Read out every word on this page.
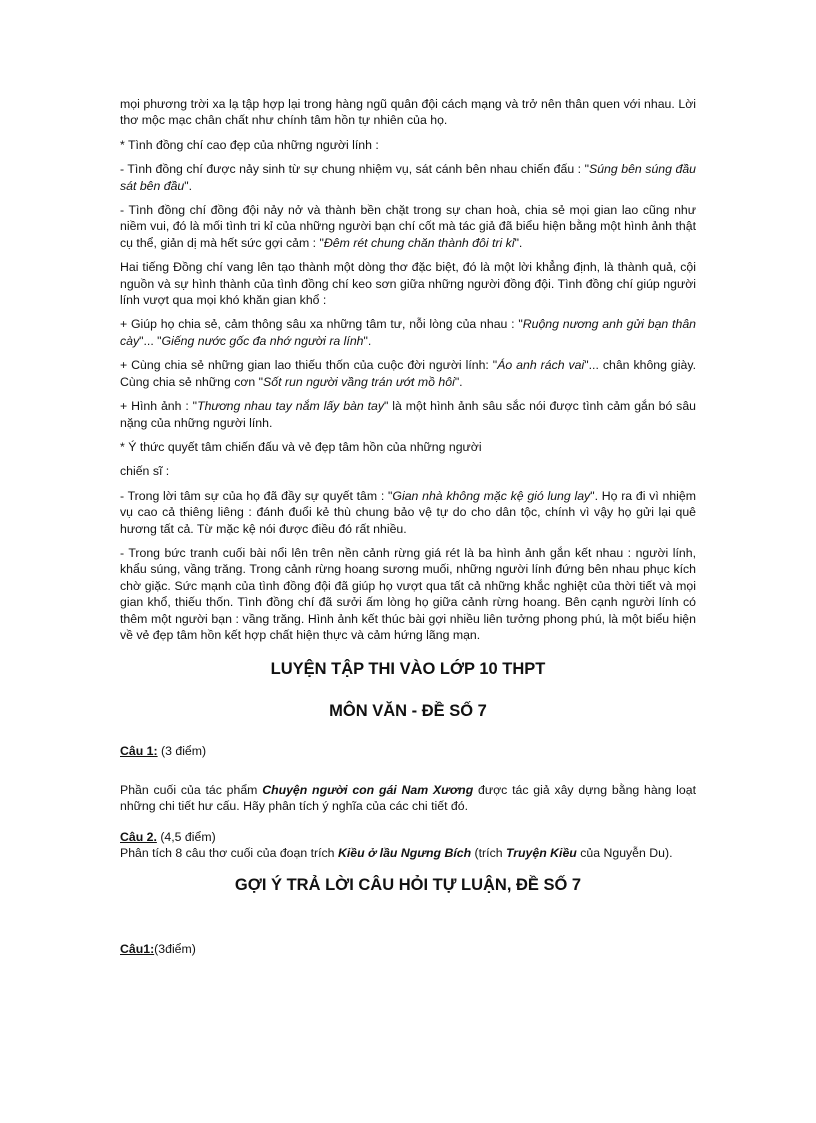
mọi phương trời xa lạ tập hợp lại trong hàng ngũ quân đội cách mạng và trở nên thân quen với nhau. Lời thơ mộc mạc chân chất như chính tâm hồn tự nhiên của họ.

* Tình đồng chí cao đẹp của những người lính :

- Tình đồng chí được nảy sinh từ sự chung nhiệm vụ, sát cánh bên nhau chiến đấu : "Súng bên súng đầu sát bên đầu".

- Tình đồng chí đồng đội nảy nở và thành bền chặt trong sự chan hoà, chia sẻ mọi gian lao cũng như niềm vui, đó là mối tình tri kỉ của những người bạn chí cốt mà tác giả đã biểu hiện bằng một hình ảnh thật cụ thể, giản dị mà hết sức gợi cảm : "Đêm rét chung chăn thành đôi tri kỉ".

Hai tiếng Đồng chí vang lên tạo thành một dòng thơ đặc biệt, đó là một lời khẳng định, là thành quả, cội nguồn và sự hình thành của tình đồng chí keo sơn giữa những người đồng đội. Tình đồng chí giúp người lính vượt qua mọi khó khăn gian khổ :

+ Giúp họ chia sẻ, cảm thông sâu xa những tâm tư, nỗi lòng của nhau : "Ruộng nương anh gửi bạn thân cày"... "Giếng nước gốc đa nhớ người ra lính".

+ Cùng chia sẻ những gian lao thiếu thốn của cuộc đời người lính: "Áo anh rách vai"... chân không giày. Cùng chia sẻ những cơn "Sốt run người vầng trán ướt mồ hôi".

+ Hình ảnh : "Thương nhau tay nắm lấy bàn tay" là một hình ảnh sâu sắc nói được tình cảm gắn bó sâu nặng của những người lính.

* Ý thức quyết tâm chiến đấu và vẻ đẹp tâm hồn của những người

chiến sĩ :

- Trong lời tâm sự của họ đã đầy sự quyết tâm : "Gian nhà không mặc kệ gió lung lay". Họ ra đi vì nhiệm vụ cao cả thiêng liêng : đánh đuổi kẻ thù chung bảo vệ tự do cho dân tộc, chính vì vậy họ gửi lại quê hương tất cả. Từ mặc kệ nói được điều đó rất nhiều.

- Trong bức tranh cuối bài nổi lên trên nền cảnh rừng giá rét là ba hình ảnh gắn kết nhau : người lính, khẩu súng, vầng trăng. Trong cảnh rừng hoang sương muối, những người lính đứng bên nhau phục kích chờ giặc. Sức mạnh của tình đồng đội đã giúp họ vượt qua tất cả những khắc nghiệt của thời tiết và mọi gian khổ, thiếu thốn. Tình đồng chí đã sưởi ấm lòng họ giữa cảnh rừng hoang. Bên cạnh người lính có thêm một người bạn : vầng trăng. Hình ảnh kết thúc bài gợi nhiều liên tưởng phong phú, là một biểu hiện về vẻ đẹp tâm hồn kết hợp chất hiện thực và cảm hứng lãng mạn.

LUYỆN TẬP THI VÀO LỚP 10 THPT
MÔN VĂN - ĐỀ SỐ 7

Câu 1: (3 điểm)

Phần cuối của tác phẩm Chuyện người con gái Nam Xương được tác giả xây dựng bằng hàng loạt những chi tiết hư cấu. Hãy phân tích ý nghĩa của các chi tiết đó.

Câu 2. (4,5 điểm)

Phân tích 8 câu thơ cuối của đoạn trích Kiều ở lầu Ngưng Bích (trích Truyện Kiều của Nguyễn Du).

GỢI Ý TRẢ LỜI CÂU HỎI TỰ LUẬN, ĐỀ SỐ 7

Câu1:(3điểm)
